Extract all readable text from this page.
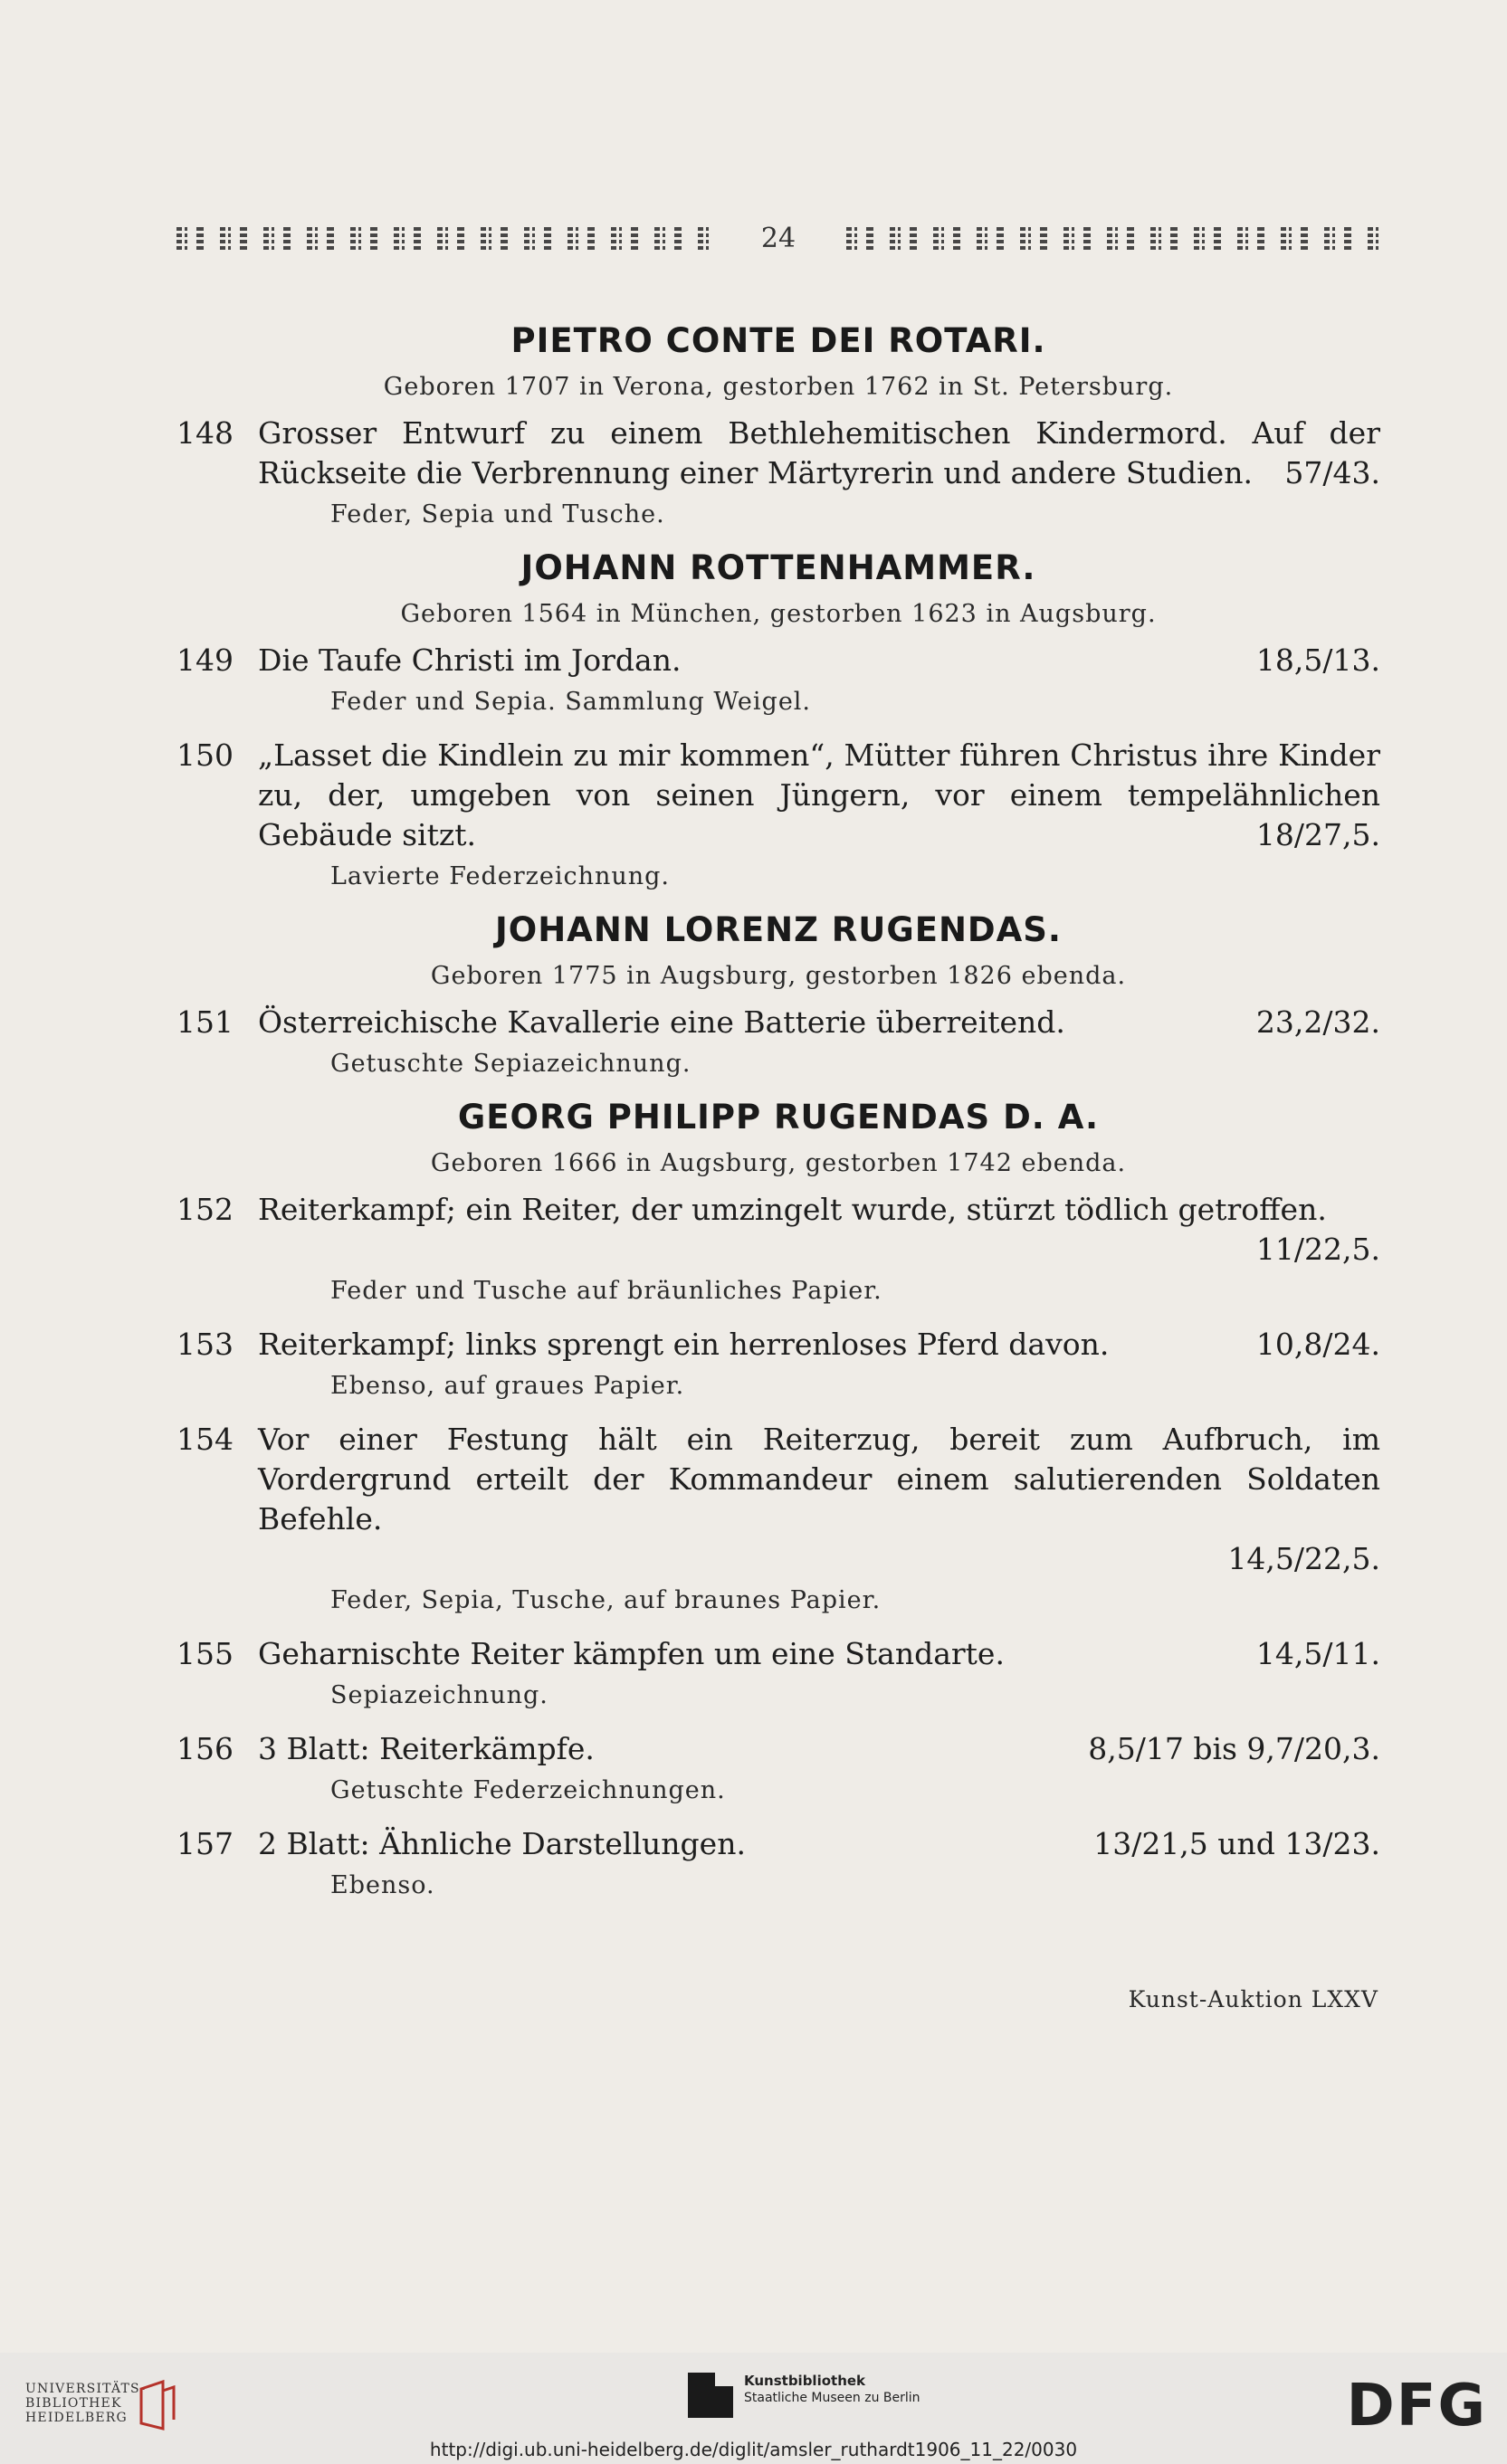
24
PIETRO CONTE DEI ROTARI.
Geboren 1707 in Verona, gestorben 1762 in St. Petersburg.
148 Grosser Entwurf zu einem Bethlehemitischen Kindermord. Auf der Rückseite die Verbrennung einer Märtyrerin und andere Studien. 57/43.
Feder, Sepia und Tusche.
JOHANN ROTTENHAMMER.
Geboren 1564 in München, gestorben 1623 in Augsburg.
149 Die Taufe Christi im Jordan.	18,5/13.
Feder und Sepia. Sammlung Weigel.
150 „Lasset die Kindlein zu mir kommen“, Mütter führen Christus ihre Kinder zu, der, umgeben von seinen Jüngern, vor einem tempelähnlichen Gebäude sitzt.	18/27,5.
Lavierte Federzeichnung.
JOHANN LORENZ RUGENDAS.
Geboren 1775 in Augsburg, gestorben 1826 ebenda.
151 Österreichische Kavallerie eine Batterie überreitend.	23,2/32.
Getuschte Sepiazeichnung.
GEORG PHILIPP RUGENDAS D. A.
Geboren 1666 in Augsburg, gestorben 1742 ebenda.
152 Reiterkampf; ein Reiter, der umzingelt wurde, stürzt tödlich getroffen.
11/22,5.
Feder und Tusche auf bräunliches Papier.
153 Reiterkampf; links sprengt ein herrenloses Pferd davon.	10,8/24.
Ebenso, auf graues Papier.
154 Vor einer Festung hält ein Reiterzug, bereit zum Aufbruch, im Vordergrund erteilt der Kommandeur einem salutierenden Soldaten Befehle.
14,5/22,5.
Feder, Sepia, Tusche, auf braunes Papier.
155 Geharnischte Reiter kämpfen um eine Standarte.	14,5/11.
Sepiazeichnung.
156 3 Blatt: Reiterkämpfe.	8,5/17 bis 9,7/20,3.
Getuschte Federzeichnungen.
157 2 Blatt: Ähnliche Darstellungen.	13/21,5 und 13/23.
Ebenso.
Kunst-Auktion LXXV
UNIVERSITÄTS-
BIBLIOTHEK
HEIDELBERG
Kunstbibliothek
Staatliche Museen zu Berlin	DFG
http://digi.ub.uni-heidelberg.de/diglit/amsler_ruthardt1906_11_22/0030
